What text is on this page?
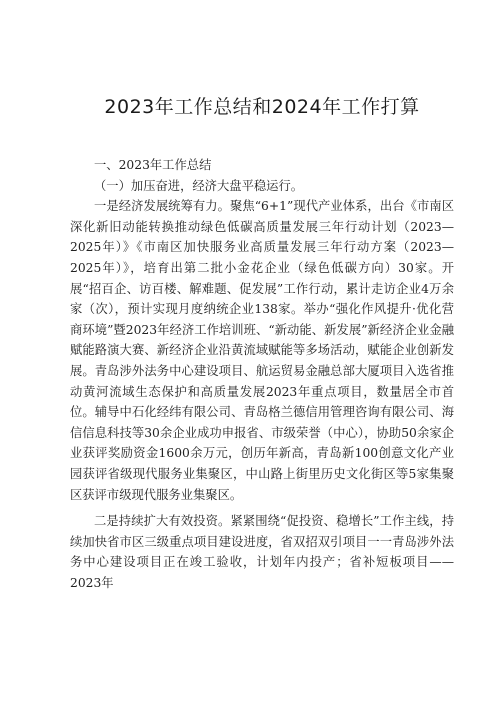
2023年工作总结和2024年工作打算

一、2023年工作总结

（一）加压奋进，经济大盘平稳运行。

一是经济发展统筹有力。聚焦“6+1”现代产业体系，出台《市南区深化新旧动能转换推动绿色低碳高质量发展三年行动计划（2023—2025年）》《市南区加快服务业高质量发展三年行动方案（2023—2025年）》，培育出第二批小金花企业（绿色低碳方向）30家。开展“招百企、访百楼、解难题、促发展”工作行动，累计走访企业4万余家（次），预计实现月度纳统企业138家。举办“强化作风提升·优化营商环境”暨2023年经济工作培训班、“新动能、新发展”新经济企业金融赋能路演大赛、新经济企业沿黄流域赋能等多场活动，赋能企业创新发展。青岛涉外法务中心建设项目、航运贸易金融总部大厦项目入选省推动黄河流域生态保护和高质量发展2023年重点项目，数量居全市首位。辅导中石化经纬有限公司、青岛格兰德信用管理咨询有限公司、海信信息科技等30余企业成功申报省、市级荣誉（中心），协助50余家企业获评奖励资金1600余万元，创历年新高，青岛新100创意文化产业园获评省级现代服务业集聚区，中山路上街里历史文化街区等5家集聚区获评市级现代服务业集聚区。

二是持续扩大有效投资。紧紧围绕“促投资、稳增长”工作主线，持续加快省市区三级重点项目建设进度，省双招双引项目一一青岛涉外法务中心建设项目正在竣工验收，计划年内投产；省补短板项目——2023年
